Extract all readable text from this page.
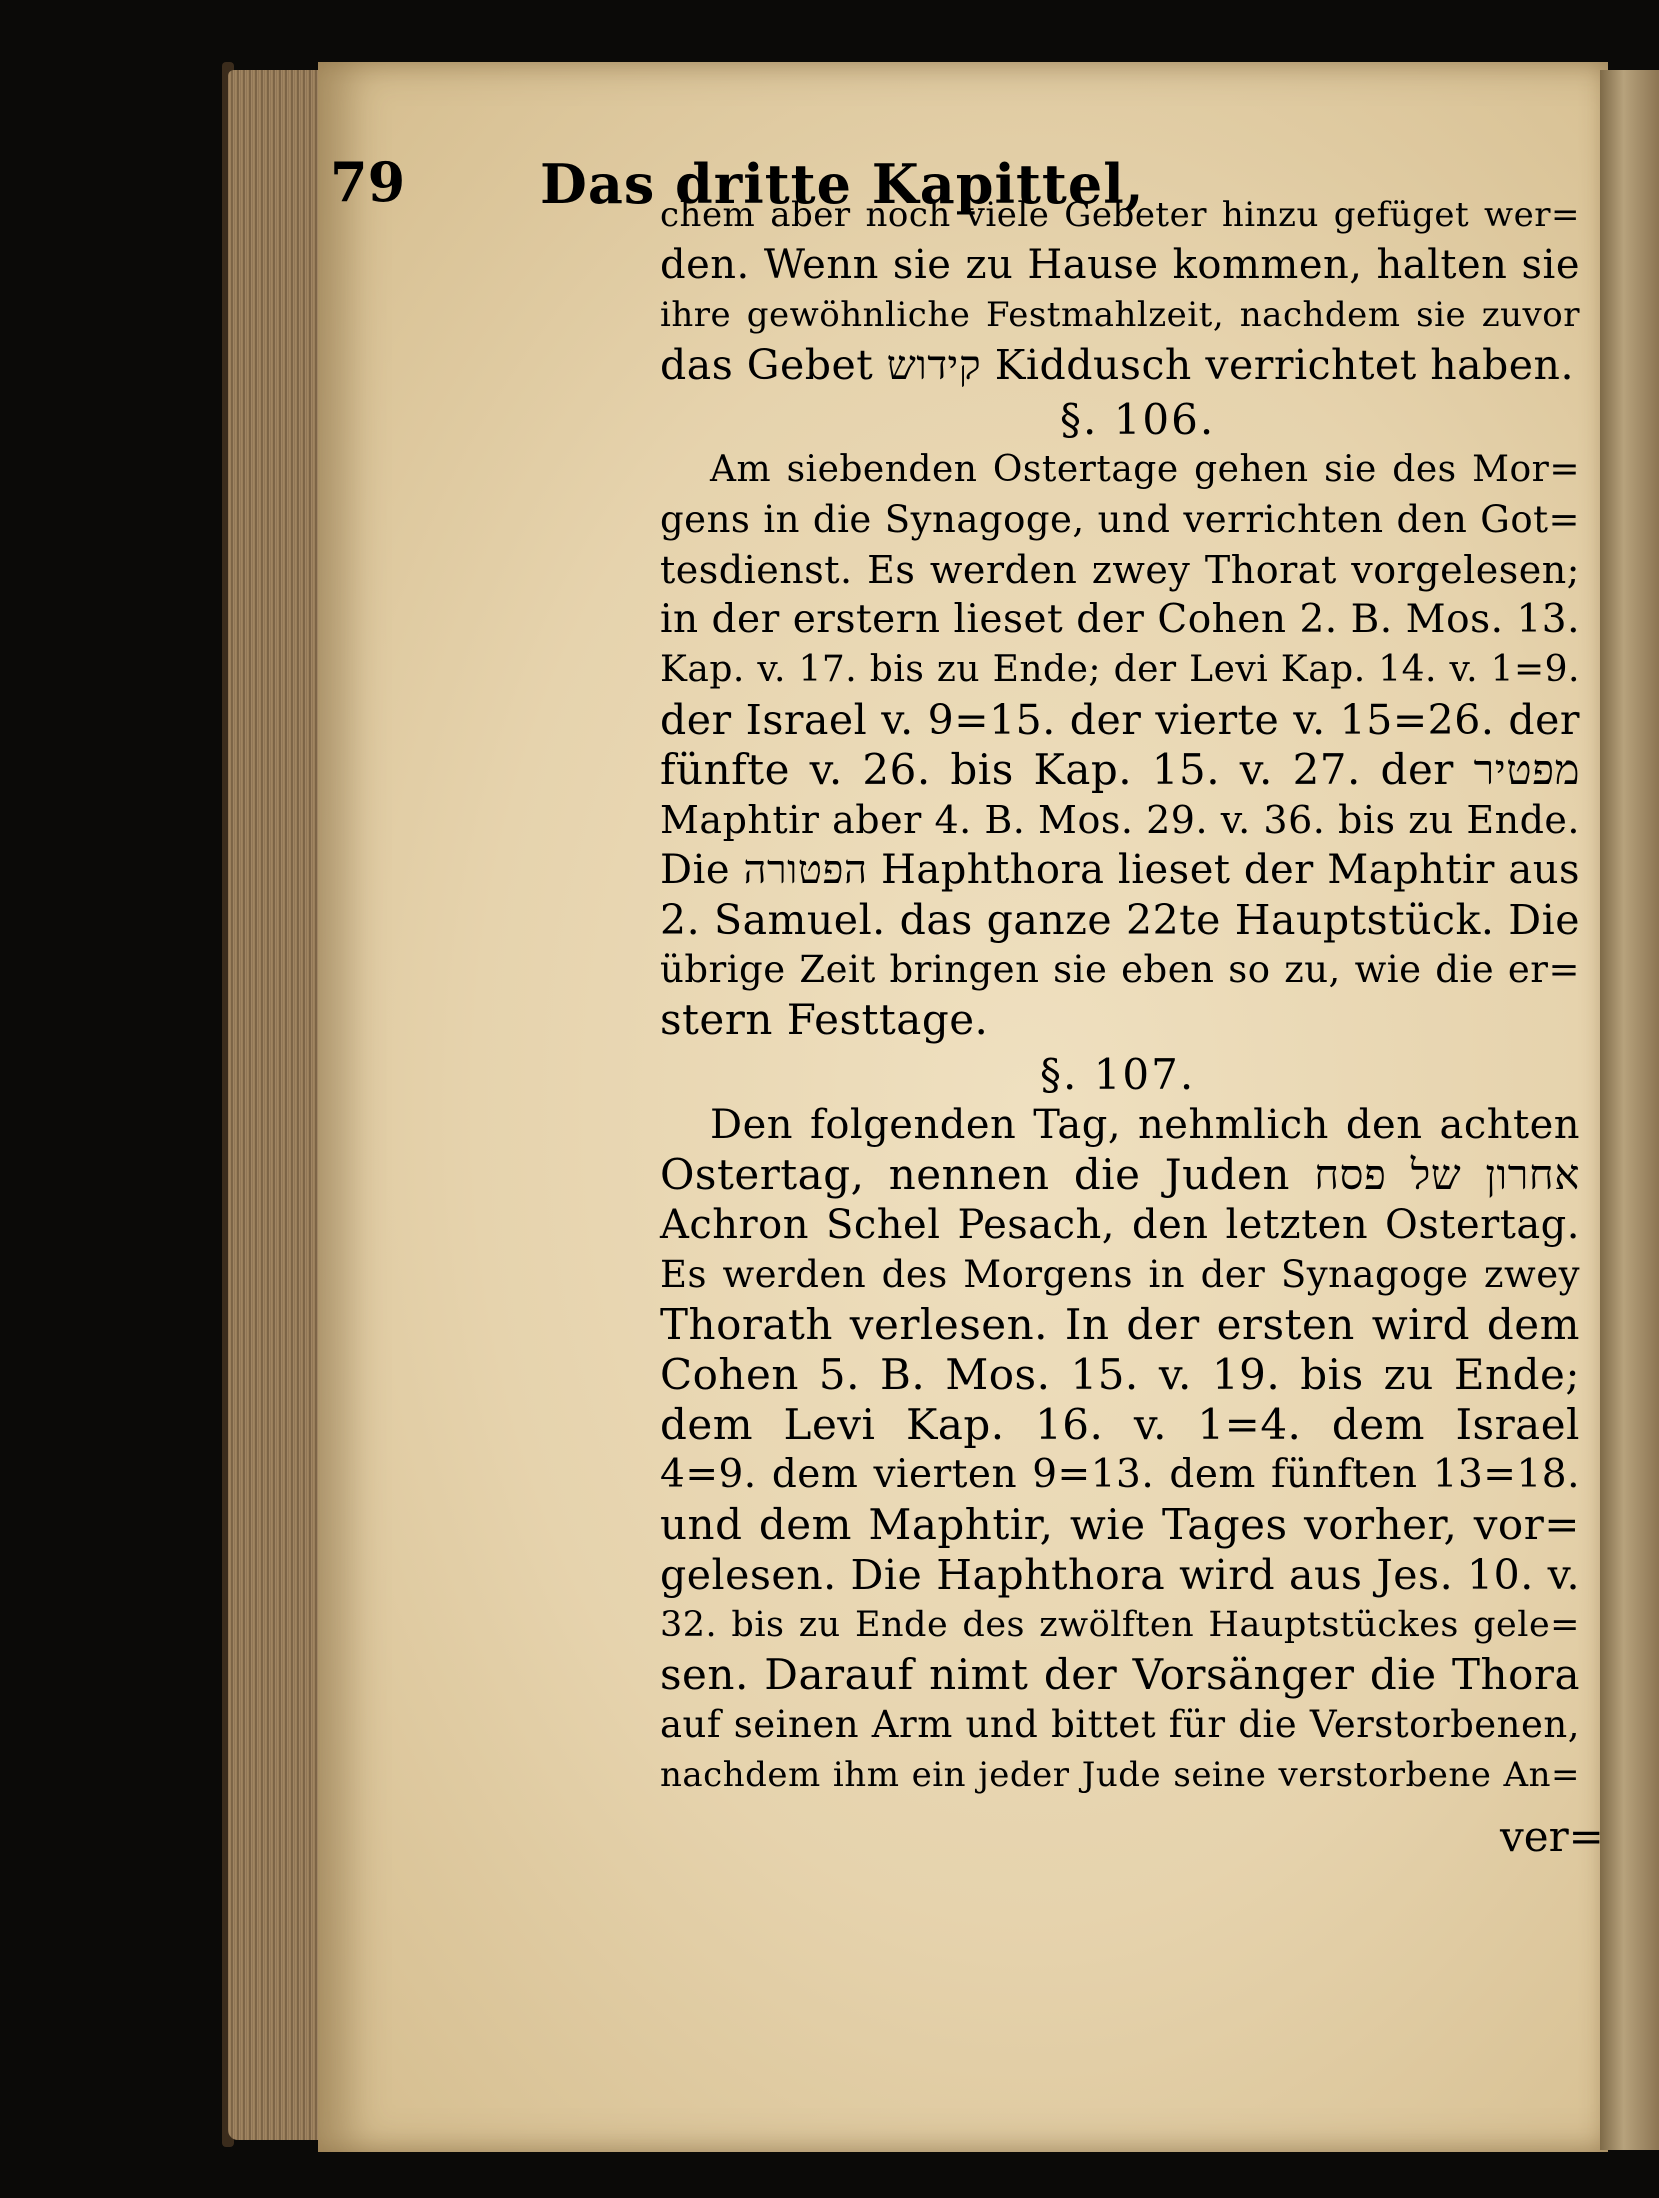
79 Das dritte Kapittel,
chem aber noch viele Gebeter hinzu gefüget wer=
den. Wenn sie zu Hause kommen, halten sie
ihre gewöhnliche Festmahlzeit, nachdem sie zuvor
das Gebet קידוש Kiddusch verrichtet haben.
§. 106.
Am siebenden Ostertage gehen sie des Mor=
gens in die Synagoge, und verrichten den Got=
tesdienst. Es werden zwey Thorat vorgelesen;
in der erstern lieset der Cohen 2. B. Mos. 13.
Kap. v. 17. bis zu Ende; der Levi Kap. 14. v. 1=9.
der Israel v. 9=15. der vierte v. 15=26. der
fünfte v. 26. bis Kap. 15. v. 27. der מפטיר
Maphtir aber 4. B. Mos. 29. v. 36. bis zu Ende.
Die הפטורה Haphthora lieset der Maphtir aus
2. Samuel. das ganze 22te Hauptstück. Die
übrige Zeit bringen sie eben so zu, wie die er=
stern Festtage.
§. 107.
Den folgenden Tag, nehmlich den achten
Ostertag, nennen die Juden אחרון של פסח
Achron Schel Pesach, den letzten Ostertag.
Es werden des Morgens in der Synagoge zwey
Thorath verlesen. In der ersten wird dem
Cohen 5. B. Mos. 15. v. 19. bis zu Ende;
dem Levi Kap. 16. v. 1=4. dem Israel
4=9. dem vierten 9=13. dem fünften 13=18.
und dem Maphtir, wie Tages vorher, vor=
gelesen. Die Haphthora wird aus Jes. 10. v.
32. bis zu Ende des zwölften Hauptstückes gele=
sen. Darauf nimt der Vorsänger die Thora
auf seinen Arm und bittet für die Verstorbenen,
nachdem ihm ein jeder Jude seine verstorbene An=
ver=
